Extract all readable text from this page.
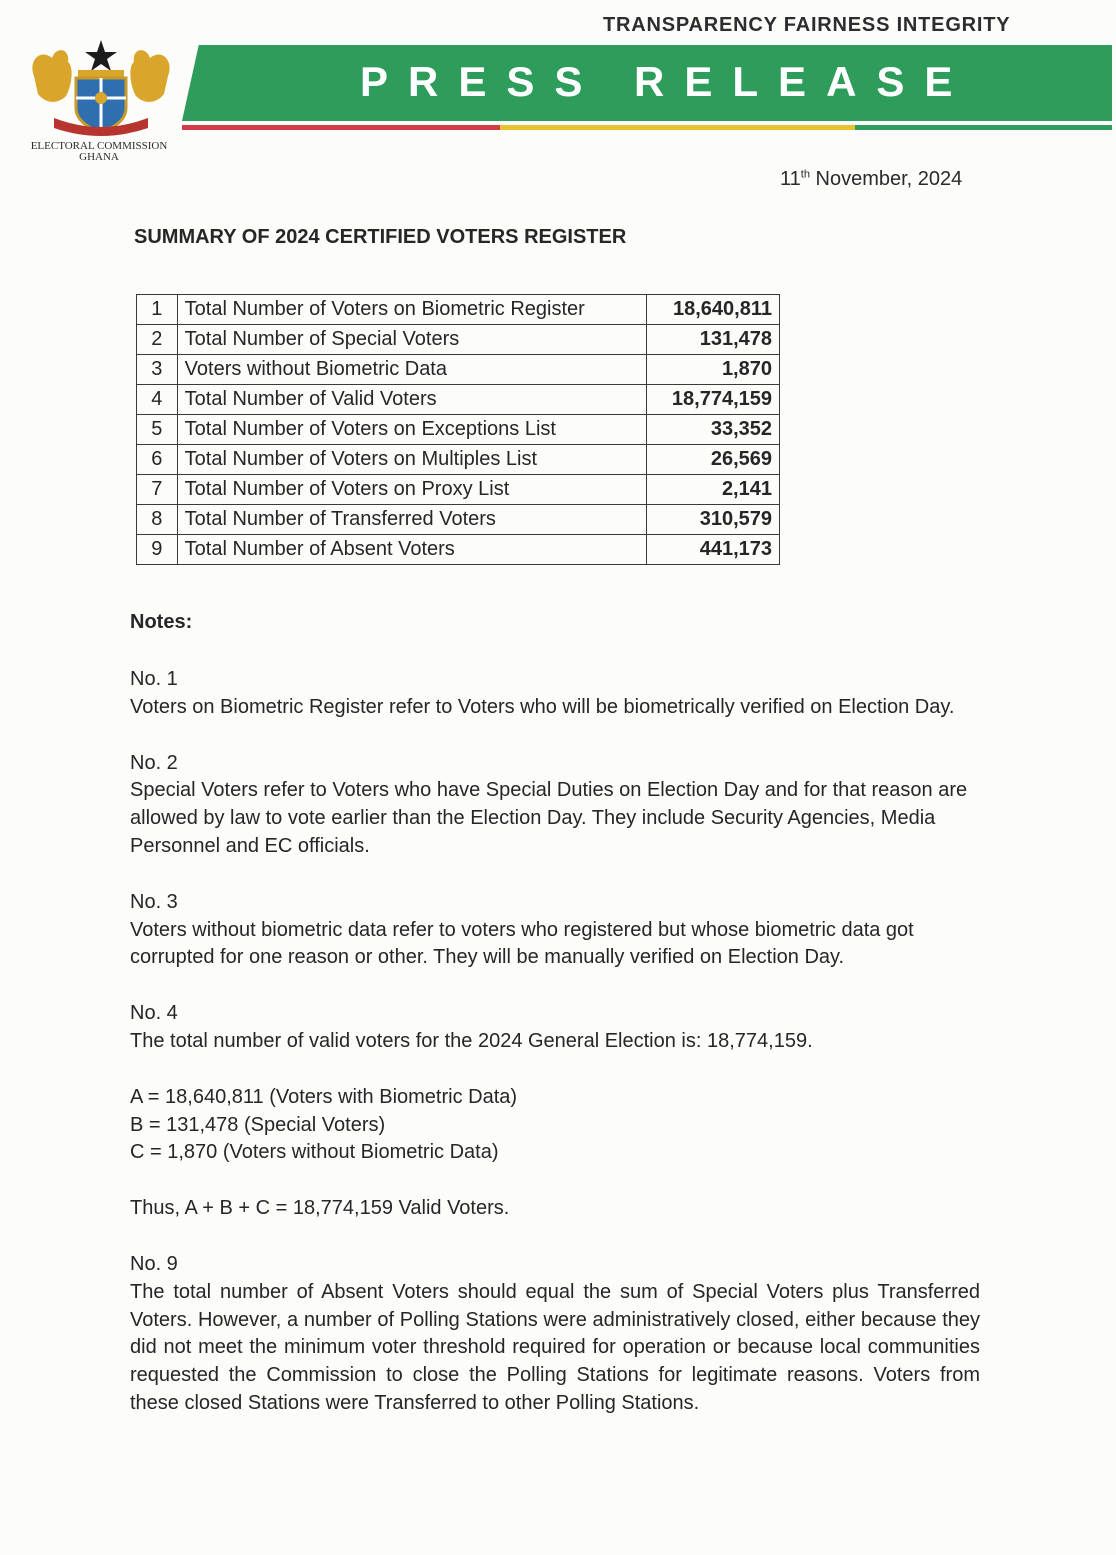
TRANSPARENCY FAIRNESS INTEGRITY
ELECTORAL COMMISSION
GHANA
PRESS RELEASE
11th November, 2024
SUMMARY OF 2024 CERTIFIED VOTERS REGISTER
1	Total Number of Voters on Biometric Register	18,640,811
2	Total Number of Special Voters	131,478
3	Voters without Biometric Data	1,870
4	Total Number of Valid Voters	18,774,159
5	Total Number of Voters on Exceptions List	33,352
6	Total Number of Voters on Multiples List	26,569
7	Total Number of Voters on Proxy List	2,141
8	Total Number of Transferred Voters	310,579
9	Total Number of Absent Voters	441,173
Notes:

No. 1

Voters on Biometric Register refer to Voters who will be biometrically verified on Election Day.

No. 2

Special Voters refer to Voters who have Special Duties on Election Day and for that reason are allowed by law to vote earlier than the Election Day. They include Security Agencies, Media Personnel and EC officials.

No. 3

Voters without biometric data refer to voters who registered but whose biometric data got corrupted for one reason or other. They will be manually verified on Election Day.

No. 4

The total number of valid voters for the 2024 General Election is: 18,774,159.

A = 18,640,811 (Voters with Biometric Data)

B = 131,478 (Special Voters)

C = 1,870 (Voters without Biometric Data)

Thus, A + B + C = 18,774,159 Valid Voters.

No. 9

The total number of Absent Voters should equal the sum of Special Voters plus Transferred Voters. However, a number of Polling Stations were administratively closed, either because they did not meet the minimum voter threshold required for operation or because local communities requested the Commission to close the Polling Stations for legitimate reasons. Voters from these closed Stations were Transferred to other Polling Stations.
